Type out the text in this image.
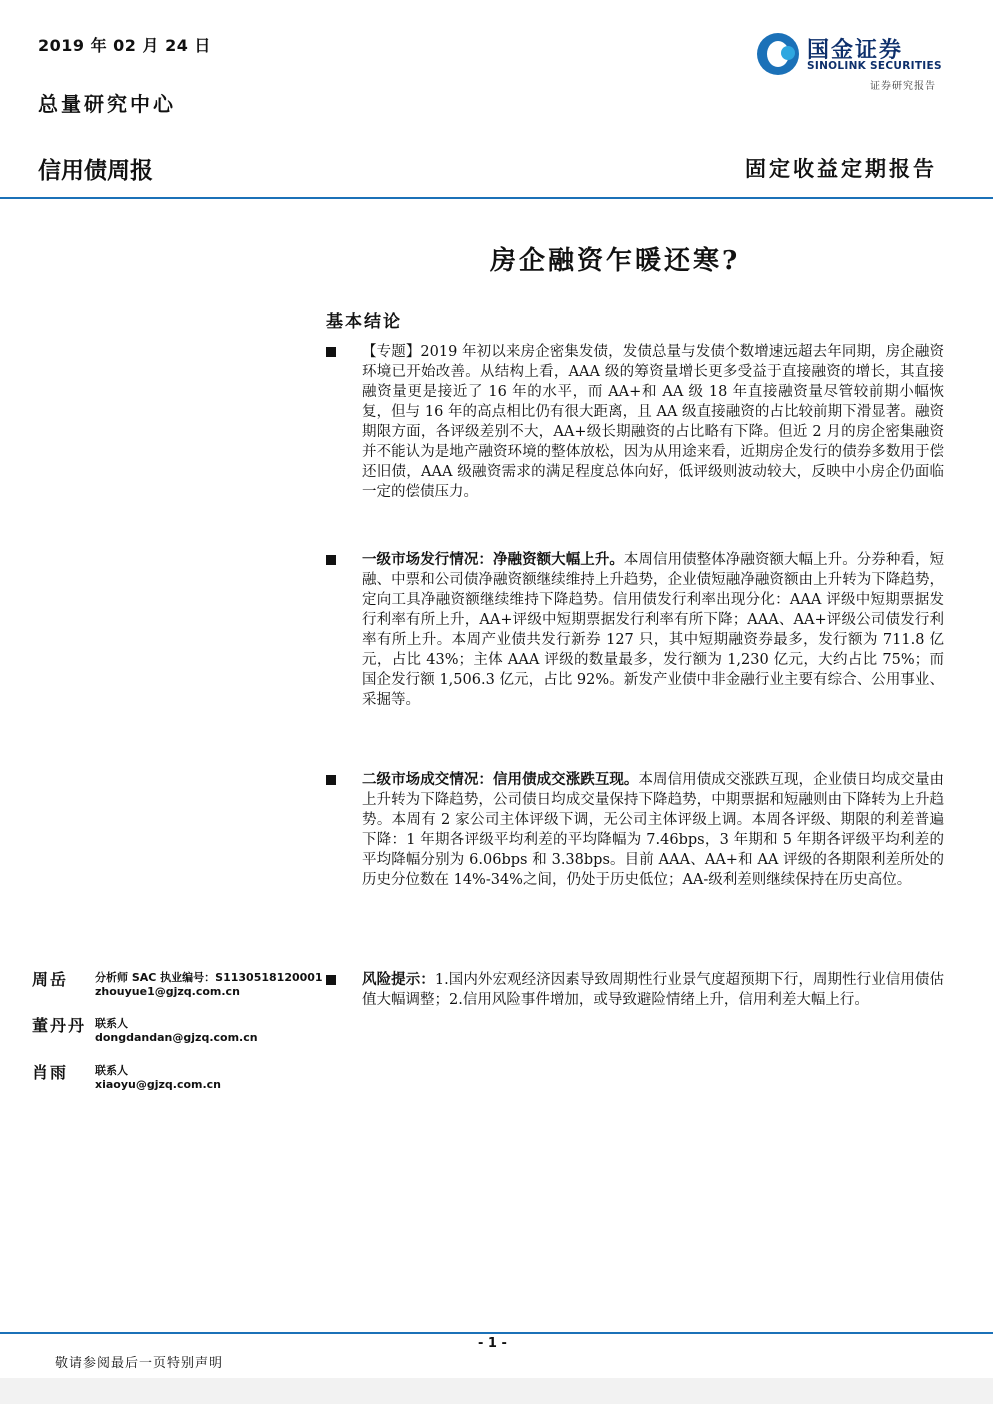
2019 年 02 月 24 日
总量研究中心
国金证券
SINOLINK SECURITIES
证券研究报告
信用债周报	固定收益定期报告
房企融资乍暖还寒?
基本结论
【专题】2019 年初以来房企密集发债，发债总量与发债个数增速远超去年同期，房企融资环境已开始改善。从结构上看，AAA 级的筹资量增长更多受益于直接融资的增长，其直接融资量更是接近了 16 年的水平，而 AA+和 AA 级 18 年直接融资量尽管较前期小幅恢复，但与 16 年的高点相比仍有很大距离，且 AA 级直接融资的占比较前期下滑显著。融资期限方面，各评级差别不大，AA+级长期融资的占比略有下降。但近 2 月的房企密集融资并不能认为是地产融资环境的整体放松，因为从用途来看，近期房企发行的债券多数用于偿还旧债，AAA 级融资需求的满足程度总体向好，低评级则波动较大，反映中小房企仍面临一定的偿债压力。
一级市场发行情况：净融资额大幅上升。本周信用债整体净融资额大幅上升。分券种看，短融、中票和公司债净融资额继续维持上升趋势，企业债短融净融资额由上升转为下降趋势，定向工具净融资额继续维持下降趋势。信用债发行利率出现分化：AAA 评级中短期票据发行利率有所上升，AA+评级中短期票据发行利率有所下降；AAA、AA+评级公司债发行利率有所上升。本周产业债共发行新券 127 只，其中短期融资券最多，发行额为 711.8 亿元，占比 43%；主体 AAA 评级的数量最多，发行额为 1,230 亿元，大约占比 75%；而国企发行额 1,506.3 亿元，占比 92%。新发产业债中非金融行业主要有综合、公用事业、采掘等。
二级市场成交情况：信用债成交涨跌互现。本周信用债成交涨跌互现，企业债日均成交量由上升转为下降趋势，公司债日均成交量保持下降趋势，中期票据和短融则由下降转为上升趋势。本周有 2 家公司主体评级下调，无公司主体评级上调。本周各评级、期限的利差普遍下降：1 年期各评级平均利差的平均降幅为 7.46bps，3 年期和 5 年期各评级平均利差的平均降幅分别为 6.06bps 和 3.38bps。目前 AAA、AA+和 AA 评级的各期限利差所处的历史分位数在 14%-34%之间，仍处于历史低位；AA-级利差则继续保持在历史高位。
风险提示：1.国内外宏观经济因素导致周期性行业景气度超预期下行，周期性行业信用债估值大幅调整；2.信用风险事件增加，或导致避险情绪上升，信用利差大幅上行。
周岳 分析师 SAC 执业编号：S1130518120001
zhouyue1@gjzq.com.cn
董丹丹 联系人
dongdandan@gjzq.com.cn
肖雨 联系人
xiaoyu@gjzq.com.cn
- 1 -
敬请参阅最后一页特别声明
